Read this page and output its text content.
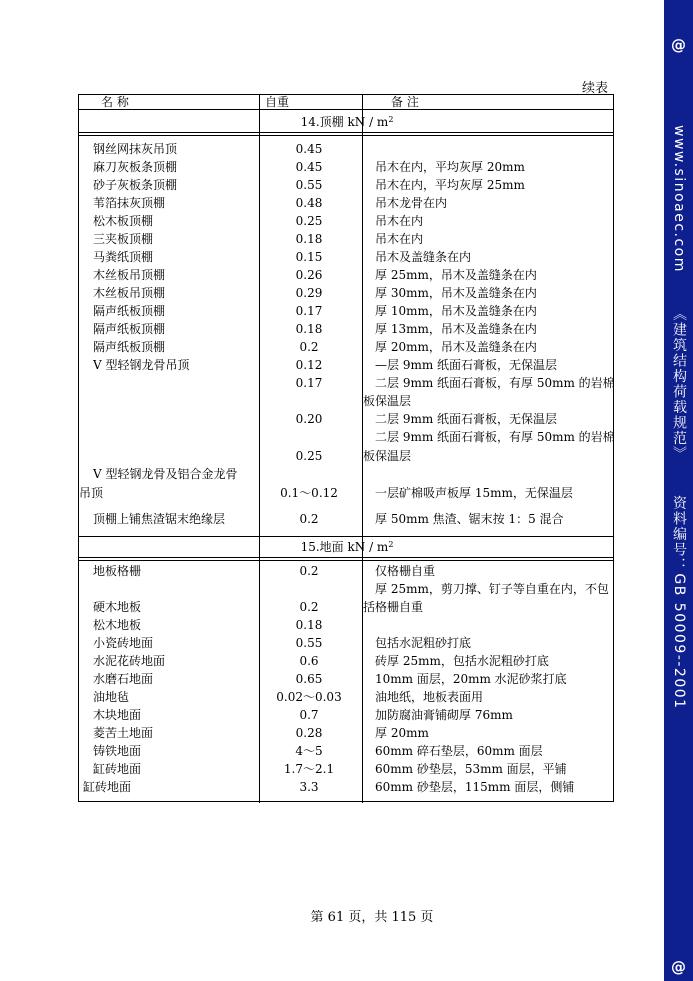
@
www.sinoaec.com《建筑结构荷载规范》资料编号：GB 50009--2001
@
续表
名 称	自重	备 注
14.顶棚 kN / $m^2$
钢丝网抹灰吊顶	0.45
麻刀灰板条顶棚	0.45	吊木在内，平均灰厚 20mm
砂子灰板条顶棚	0.55	吊木在内，平均灰厚 25mm
苇箔抹灰顶棚	0.48	吊木龙骨在内
松木板顶棚	0.25	吊木在内
三夹板顶棚	0.18	吊木在内
马粪纸顶棚	0.15	吊木及盖缝条在内
木丝板吊顶棚	0.26	厚 25mm，吊木及盖缝条在内
木丝板吊顶棚	0.29	厚 30mm，吊木及盖缝条在内
隔声纸板顶棚	0.17	厚 10mm，吊木及盖缝条在内
隔声纸板顶棚	0.18	厚 13mm，吊木及盖缝条在内
隔声纸板顶棚	0.2	厚 20mm，吊木及盖缝条在内
V 型轻钢龙骨吊顶	0.12	—层 9mm 纸面石膏板，无保温层
0.17	二层 9mm 纸面石膏板，有厚 50mm 的岩棉
板保温层
0.20	二层 9mm 纸面石膏板，无保温层
二层 9mm 纸面石膏板，有厚 50mm 的岩棉
0.25	板保温层
V 型轻钢龙骨及铝合金龙骨
吊顶	0.1～0.12	一层矿棉吸声板厚 15mm，无保温层
顶棚上铺焦渣锯末绝缘层	0.2	厚 50mm 焦渣、锯末按 1：5 混合
15.地面 kN / $m^2$
地板格栅	0.2	仅格栅自重
厚 25mm，剪刀撑、钉子等自重在内，不包
括格栅自重
硬木地板	0.2
松木地板	0.18
小瓷砖地面	0.55	包括水泥粗砂打底
水泥花砖地面	0.6	砖厚 25mm，包括水泥粗砂打底
水磨石地面	0.65	10mm 面层，20mm 水泥砂浆打底
油地毡	0.02～0.03	油地纸，地板表面用
木块地面	0.7	加防腐油膏铺砌厚 76mm
菱苦土地面	0.28	厚 20mm
铸铁地面	4～5	60mm 碎石垫层，60mm 面层
缸砖地面	1.7～2.1	60mm 砂垫层，53mm 面层，平铺
缸砖地面	3.3	60mm 砂垫层，115mm 面层，侧铺
第 61 页，共 115 页
